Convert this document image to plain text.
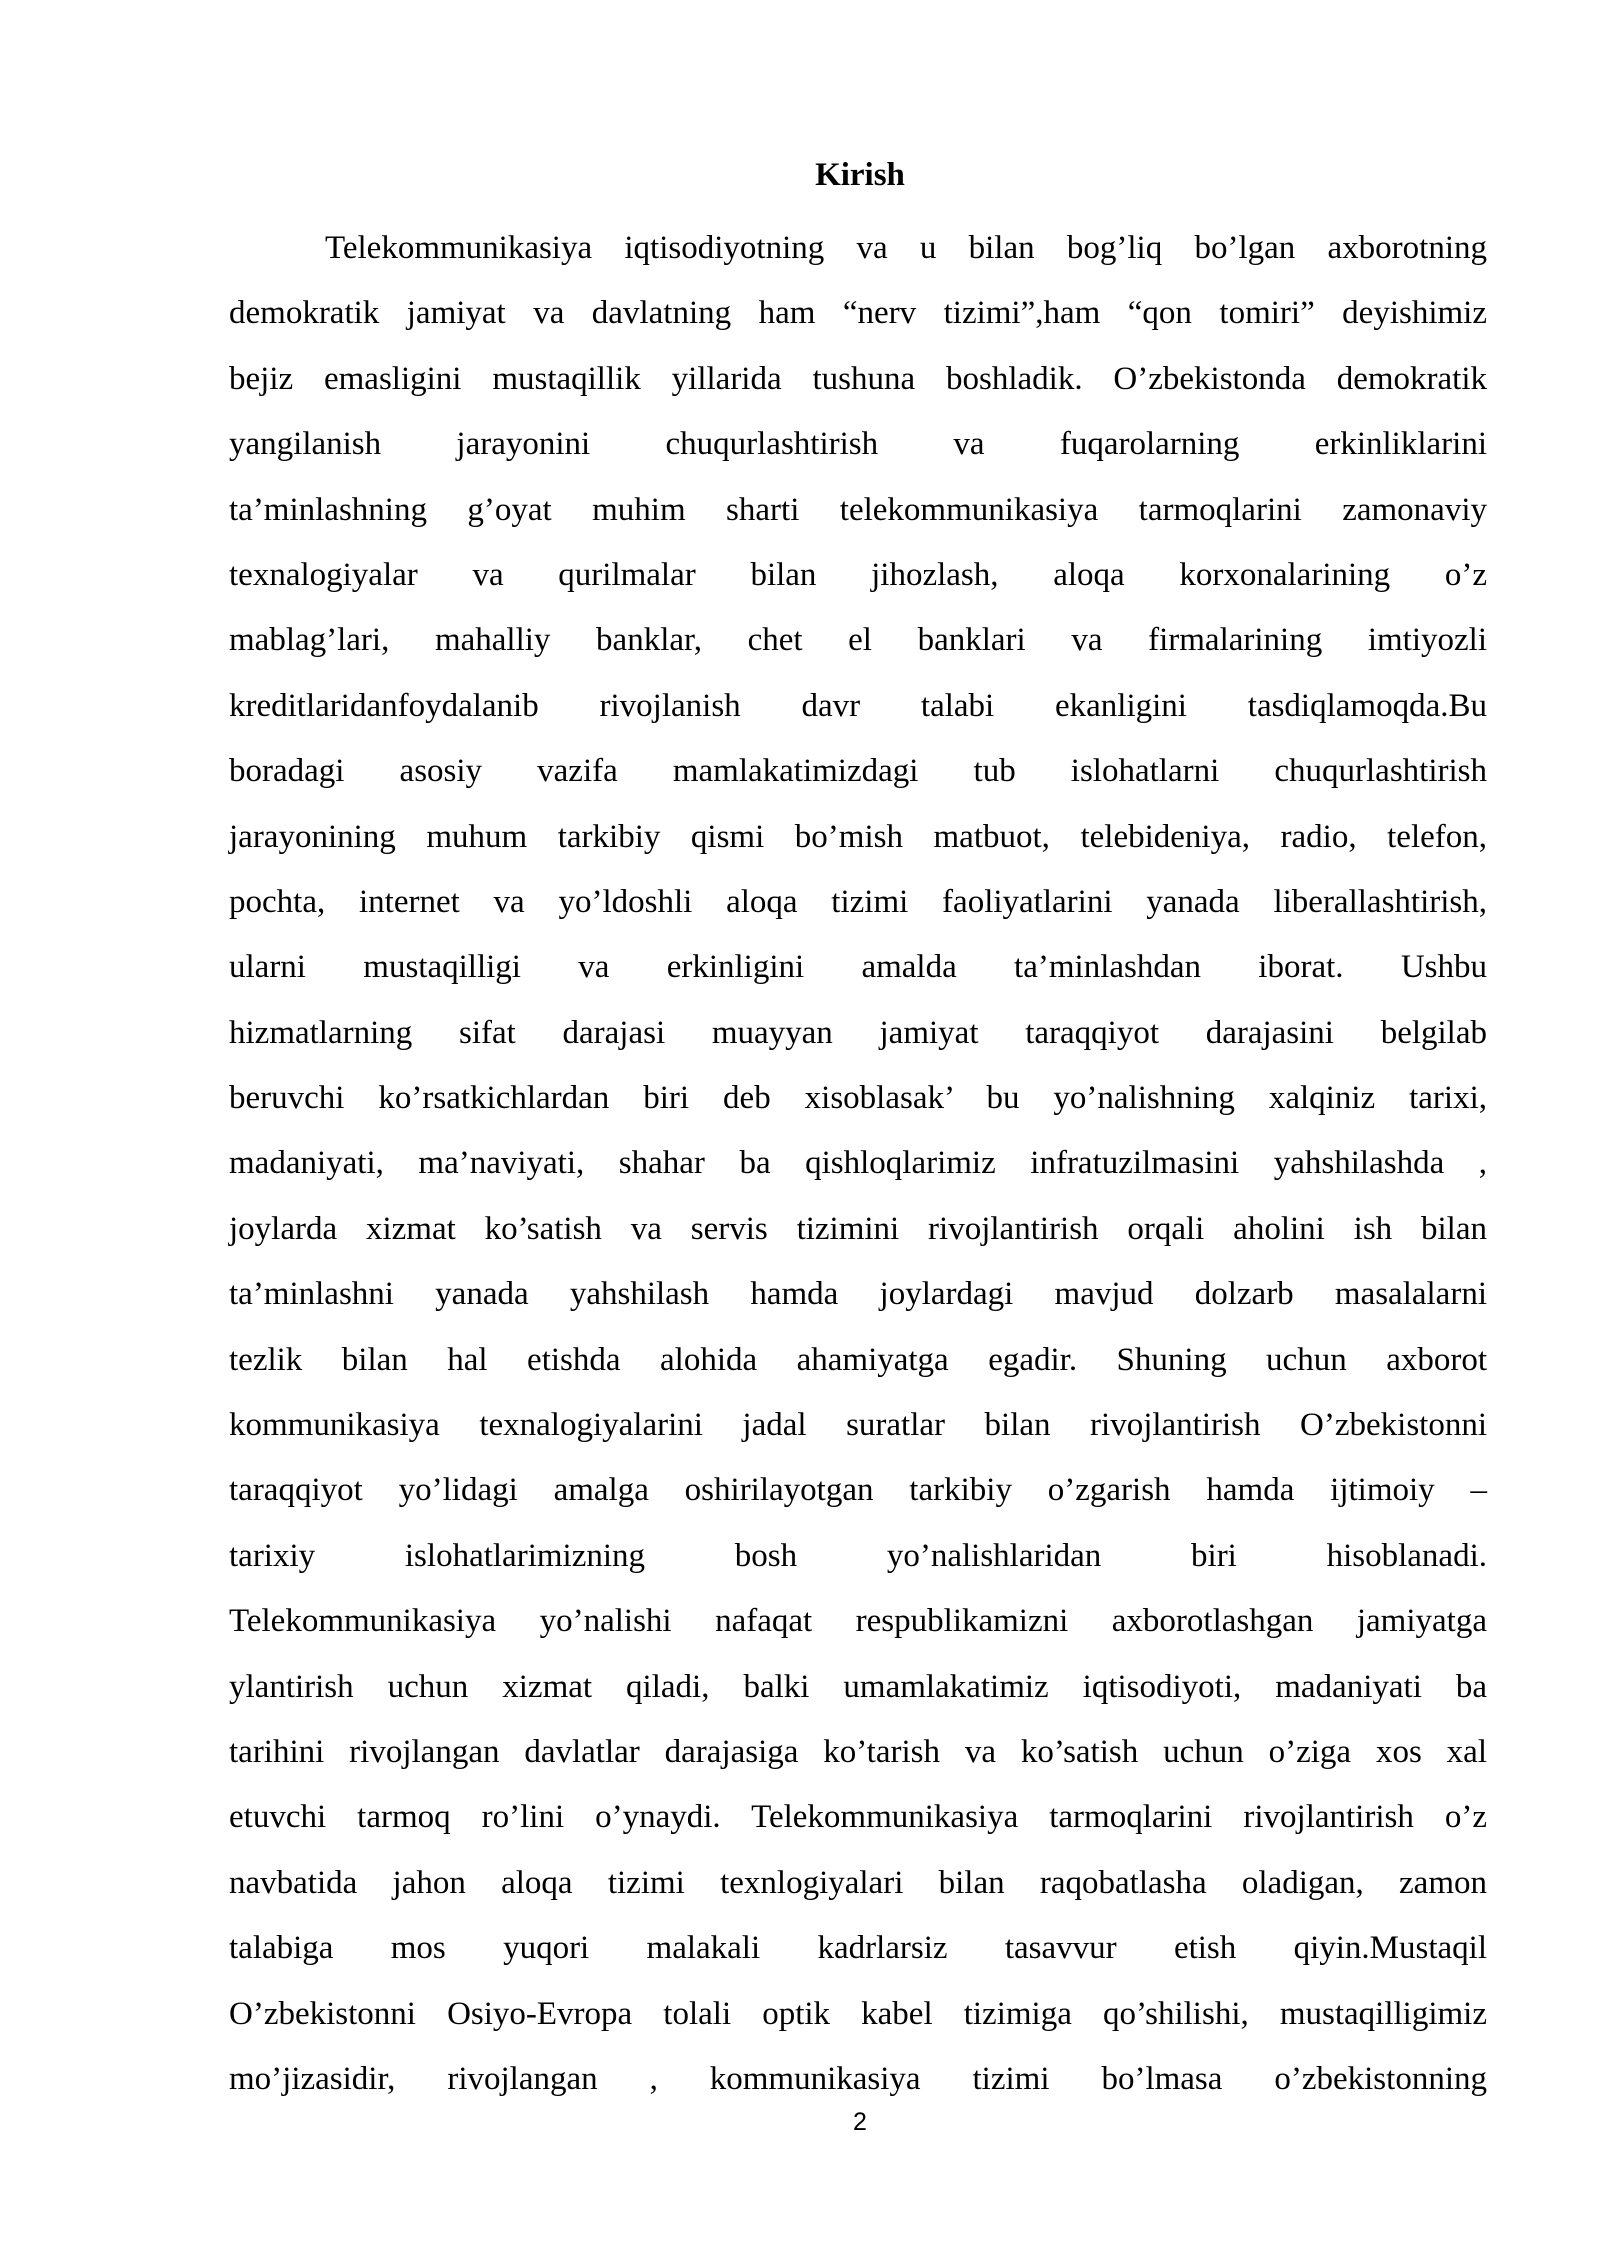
Kirish
Telekommunikasiya iqtisodiyotning va u bilan bog’liq bo’lgan axborotning
demokratik jamiyat va davlatning ham “nerv tizimi”,ham “qon tomiri” deyishimiz
bejiz emasligini mustaqillik yillarida tushuna boshladik. O’zbekistonda demokratik
yangilanish jarayonini chuqurlashtirish va fuqarolarning erkinliklarini
ta’minlashning g’oyat muhim sharti telekommunikasiya tarmoqlarini zamonaviy
texnalogiyalar va qurilmalar bilan jihozlash, aloqa korxonalarining o’z
mablag’lari, mahalliy banklar, chet el banklari va firmalarining imtiyozli
kreditlaridanfoydalanib rivojlanish davr talabi ekanligini tasdiqlamoqda.Bu
boradagi asosiy vazifa mamlakatimizdagi tub islohatlarni chuqurlashtirish
jarayonining muhum tarkibiy qismi bo’mish matbuot, telebideniya, radio, telefon,
pochta, internet va yo’ldoshli aloqa tizimi faoliyatlarini yanada liberallashtirish,
ularni mustaqilligi va erkinligini amalda ta’minlashdan iborat. Ushbu
hizmatlarning sifat darajasi muayyan jamiyat taraqqiyot darajasini belgilab
beruvchi ko’rsatkichlardan biri deb xisoblasak’ bu yo’nalishning xalqiniz tarixi,
madaniyati, ma’naviyati, shahar ba qishloqlarimiz infratuzilmasini yahshilashda ,
joylarda xizmat ko’satish va servis tizimini rivojlantirish orqali aholini ish bilan
ta’minlashni yanada yahshilash hamda joylardagi mavjud dolzarb masalalarni
tezlik bilan hal etishda alohida ahamiyatga egadir. Shuning uchun axborot
kommunikasiya texnalogiyalarini jadal suratlar bilan rivojlantirish O’zbekistonni
taraqqiyot yo’lidagi amalga oshirilayotgan tarkibiy o’zgarish hamda ijtimoiy –
tarixiy islohatlarimizning bosh yo’nalishlaridan biri hisoblanadi.
Telekommunikasiya yo’nalishi nafaqat respublikamizni axborotlashgan jamiyatga
ylantirish uchun xizmat qiladi, balki umamlakatimiz iqtisodiyoti, madaniyati ba
tarihini rivojlangan davlatlar darajasiga ko’tarish va ko’satish uchun o’ziga xos xal
etuvchi tarmoq ro’lini o’ynaydi. Telekommunikasiya tarmoqlarini rivojlantirish o’z
navbatida jahon aloqa tizimi texnlogiyalari bilan raqobatlasha oladigan, zamon
talabiga mos yuqori malakali kadrlarsiz tasavvur etish qiyin.Mustaqil
O’zbekistonni Osiyo-Evropa tolali optik kabel tizimiga qo’shilishi, mustaqilligimiz
mo’jizasidir, rivojlangan , kommunikasiya tizimi bo’lmasa o’zbekistonning
2
